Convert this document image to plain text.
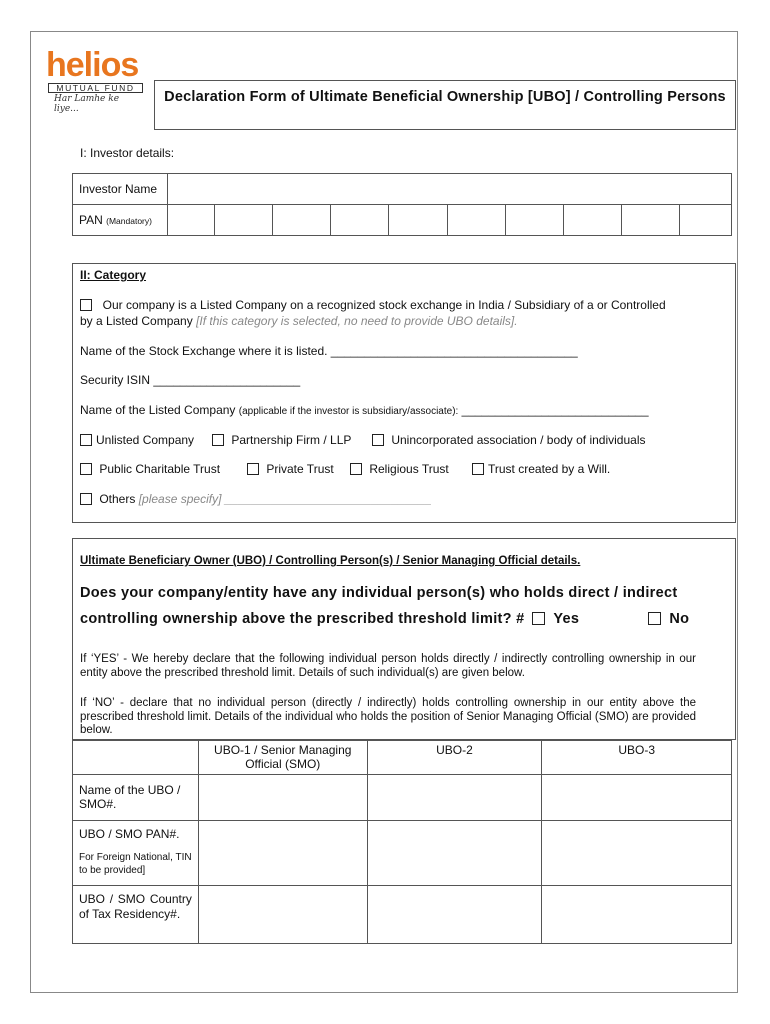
helios
MUTUAL FUND
Har Lamhe ke liye...
Declaration Form of Ultimate Beneficial Ownership [UBO] / Controlling Persons
I: Investor details:
Investor Name										
PAN (Mandatory)										
II: Category
Our company is a Listed Company on a recognized stock exchange in India / Subsidiary of a or Controlled
by a Listed Company [If this category is selected, no need to provide UBO details].
Name of the Stock Exchange where it is listed. _____________________________________
Security ISIN ______________________
Name of the Listed Company (applicable if the investor is subsidiary/associate): ____________________________
Unlisted Company	Partnership Firm / LLP	Unincorporated association / body of individuals
Public Charitable Trust	Private Trust	Religious Trust	Trust created by a Will.
Others [please specify] _______________________________
Ultimate Beneficiary Owner (UBO) / Controlling Person(s) / Senior Managing Official details.
Does your company/entity have any individual person(s) who holds direct / indirect
controlling ownership above the prescribed threshold limit? #	Yes	No
If ‘YES’ - We hereby declare that the following individual person holds directly / indirectly controlling ownership in our entity above the prescribed threshold limit. Details of such individual(s) are given below.
If ‘NO’ - declare that no individual person (directly / indirectly) holds controlling ownership in our entity above the prescribed threshold limit. Details of the individual who holds the position of Senior Managing Official (SMO) are provided below.
	UBO-1 / Senior Managing Official (SMO)	UBO-2	UBO-3
Name of the UBO / SMO#.			

UBO / SMO PAN#.
For Foreign National, TIN to be provided]			

UBO / SMO Country of Tax Residency#.			
